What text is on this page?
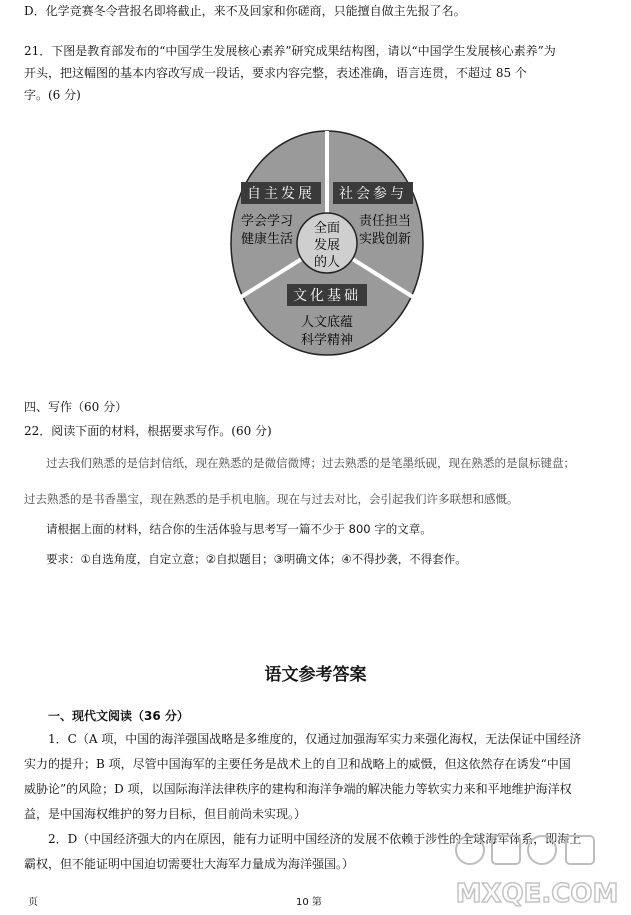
D．化学竞赛冬令营报名即将截止，来不及回家和你磋商，只能擅自做主先报了名。
21．下图是教育部发布的“中国学生发展核心素养”研究成果结构图，请以“中国学生发展核心素养”为
开头，把这幅图的基本内容改写成一段话，要求内容完整，表述准确，语言连贯，不超过 85 个
字。(6 分)
自主发展
学会学习
健康生活
社会参与
责任担当
实践创新
文化基础
人文底蕴
科学精神
全面
发展
的人
四、写作（60 分）
22．阅读下面的材料，根据要求写作。(60 分)
过去我们熟悉的是信封信纸，现在熟悉的是微信微博；过去熟悉的是笔墨纸砚，现在熟悉的是鼠标键盘；
过去熟悉的是书香墨宝，现在熟悉的是手机电脑。现在与过去对比，会引起我们许多联想和感慨。
请根据上面的材料，结合你的生活体验与思考写一篇不少于 800 字的文章。
要求：①自选角度，自定立意；②自拟题目；③明确文体；④不得抄袭，不得套作。
语文参考答案
一、现代文阅读（36 分）
1．C（A 项，中国的海洋强国战略是多维度的，仅通过加强海军实力来强化海权，无法保证中国经济
实力的提升；B 项，尽管中国海军的主要任务是战术上的自卫和战略上的威慑，但这依然存在诱发“中国
威胁论”的风险；D 项，以国际海洋法律秩序的建构和海洋争端的解决能力等软实力来和平地维护海洋权
益，是中国海权维护的努力目标，但目前尚未实现。）
2．D（中国经济强大的内在原因，能有力证明中国经济的发展不依赖于涉性的全球海军体系，即海上
霸权，但不能证明中国迫切需要壮大海军力量成为海洋强国。）
MXQE.COM
页	10 第
